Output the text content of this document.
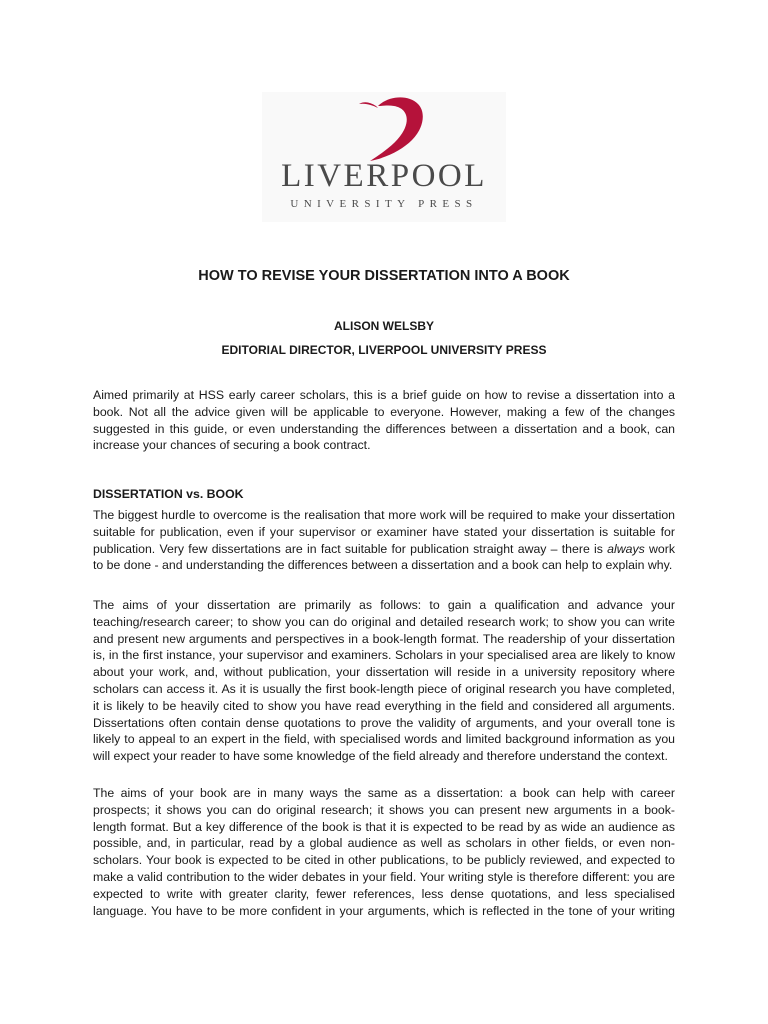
LIVERPOOL
UNIVERSITY PRESS
HOW TO REVISE YOUR DISSERTATION INTO A BOOK

ALISON WELSBY

EDITORIAL DIRECTOR, LIVERPOOL UNIVERSITY PRESS

Aimed primarily at HSS early career scholars, this is a brief guide on how to revise a dissertation into a book. Not all the advice given will be applicable to everyone. However, making a few of the changes suggested in this guide, or even understanding the differences between a dissertation and a book, can increase your chances of securing a book contract.

DISSERTATION vs. BOOK

The biggest hurdle to overcome is the realisation that more work will be required to make your dissertation suitable for publication, even if your supervisor or examiner have stated your dissertation is suitable for publication. Very few dissertations are in fact suitable for publication straight away – there is always work to be done - and understanding the differences between a dissertation and a book can help to explain why.

The aims of your dissertation are primarily as follows: to gain a qualification and advance your teaching/research career; to show you can do original and detailed research work; to show you can write and present new arguments and perspectives in a book-length format. The readership of your dissertation is, in the first instance, your supervisor and examiners. Scholars in your specialised area are likely to know about your work, and, without publication, your dissertation will reside in a university repository where scholars can access it. As it is usually the first book-length piece of original research you have completed, it is likely to be heavily cited to show you have read everything in the field and considered all arguments. Dissertations often contain dense quotations to prove the validity of arguments, and your overall tone is likely to appeal to an expert in the field, with specialised words and limited background information as you will expect your reader to have some knowledge of the field already and therefore understand the context.

The aims of your book are in many ways the same as a dissertation: a book can help with career prospects; it shows you can do original research; it shows you can present new arguments in a book-length format. But a key difference of the book is that it is expected to be read by as wide an audience as possible, and, in particular, read by a global audience as well as scholars in other fields, or even non-scholars. Your book is expected to be cited in other publications, to be publicly reviewed, and expected to make a valid contribution to the wider debates in your field. Your writing style is therefore different: you are expected to write with greater clarity, fewer references, less dense quotations, and less specialised language. You have to be more confident in your arguments, which is reflected in the tone of your writing
